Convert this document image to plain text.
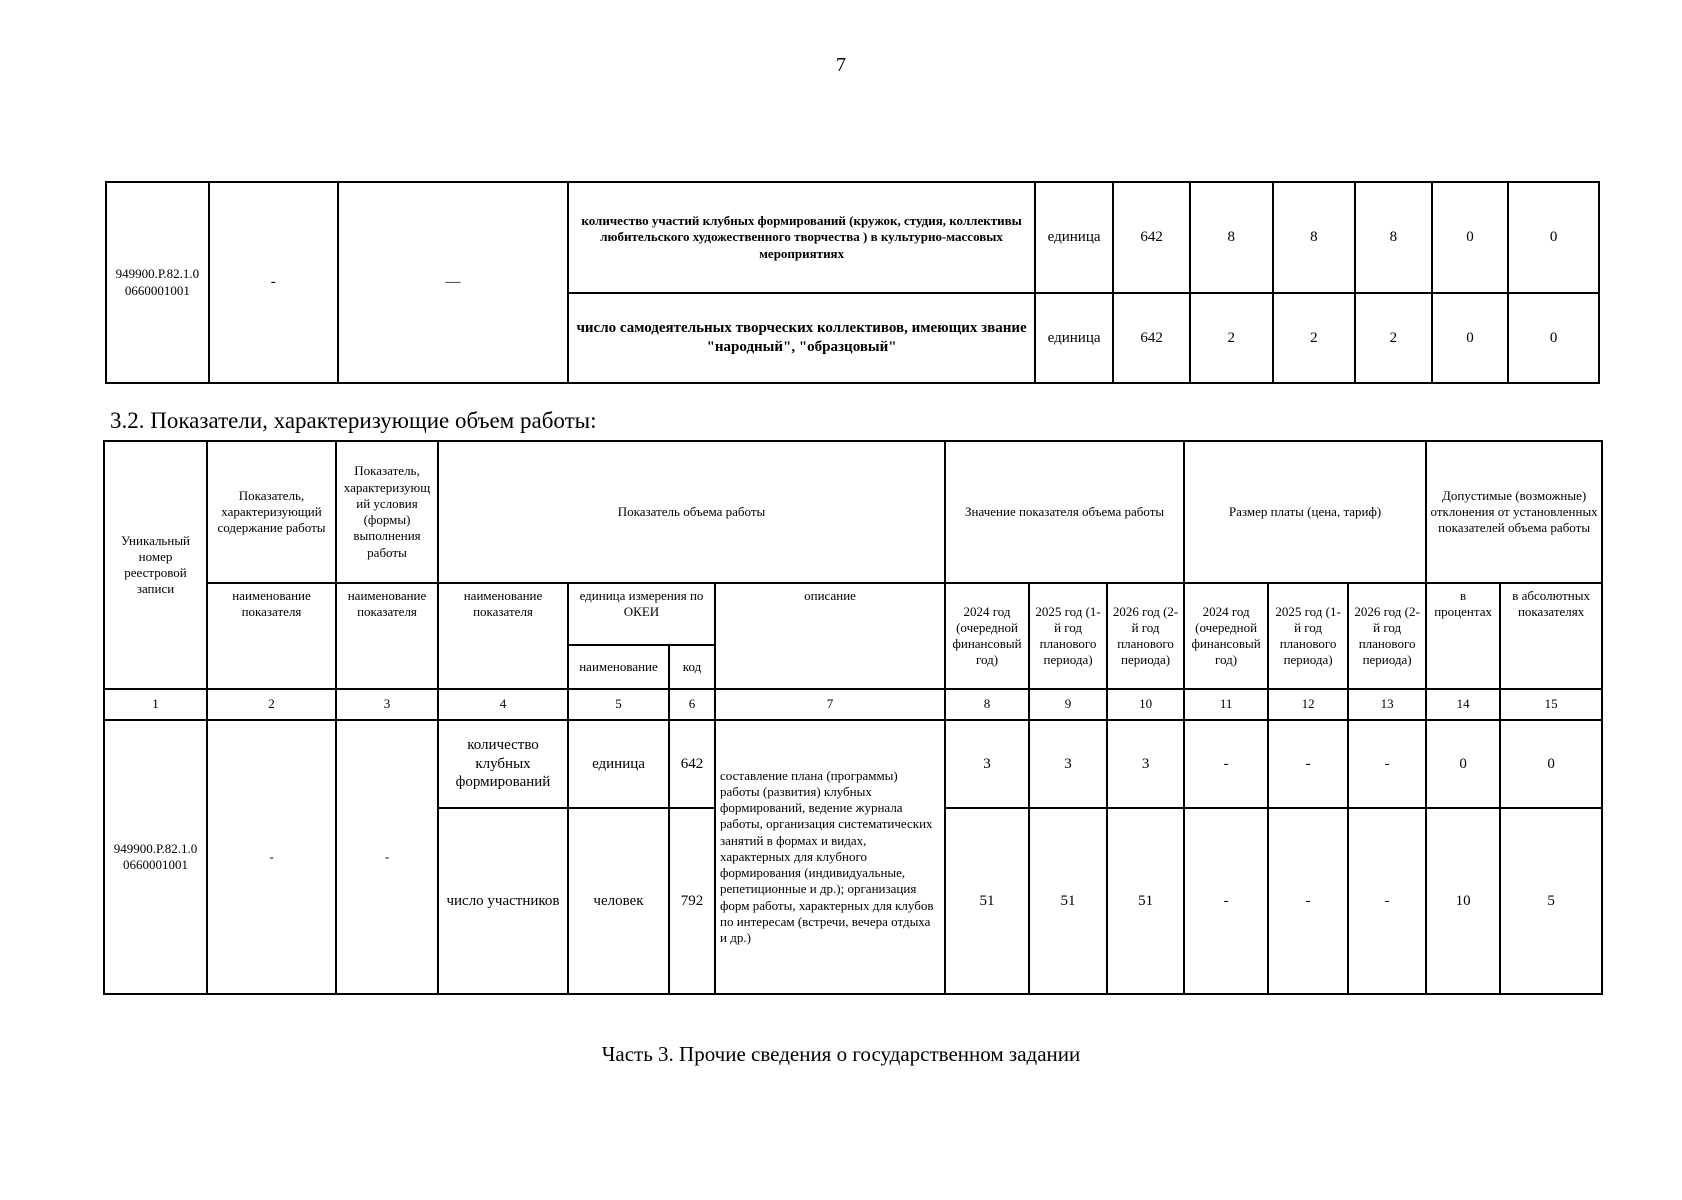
7
949900.Р.82.1.0 0660001001	-	—	количество участий клубных формирований (кружок, студия, коллективы любительского художественного творчества ) в культурно-массовых мероприятиях	единица	642	8	8	8	0	0
			число самодеятельных творческих коллективов, имеющих звание "народный", "образцовый"	единица	642	2	2	2	0	0
3.2. Показатели, характеризующие объем работы:
Уникальный номер реестровой записи	Показатель, характеризующий содержание работы	Показатель, характеризующ ий условия (формы) выполнения работы	Показатель объема работы				Значение показателя объема работы			Размер платы (цена, тариф)			Допустимые (возможные) отклонения от установленных показателей объема работы	
	наименование показателя	наименование показателя	наименование показателя	единица измерения по ОКЕИ		описание	2024 год (очередной финансовый год)	2025 год (1-й год планового периода)	2026 год (2-й год планового периода)	2024 год (очередной финансовый год)	2025 год (1-й год планового периода)	2026 год (2-й год планового периода)	в процентах	в абсолютных показателях
				наименование	код									
1	2	3	4	5	6	7	8	9	10	11	12	13	14	15
949900.Р.82.1.0 0660001001	-	-	количество клубных формирований	единица	642	составление плана (программы) работы (развития) клубных формирований, ведение журнала работы, организация систематических занятий в формах и видах, характерных для клубного формирования (индивидуальные, репетиционные и др.); организация форм работы, характерных для клубов по интересам (встречи, вечера отдыха и др.)	3	3	3	-	-	-	0	0
			число участников	человек	792		51	51	51	-	-	-	10	5
Часть 3. Прочие сведения о государственном задании
